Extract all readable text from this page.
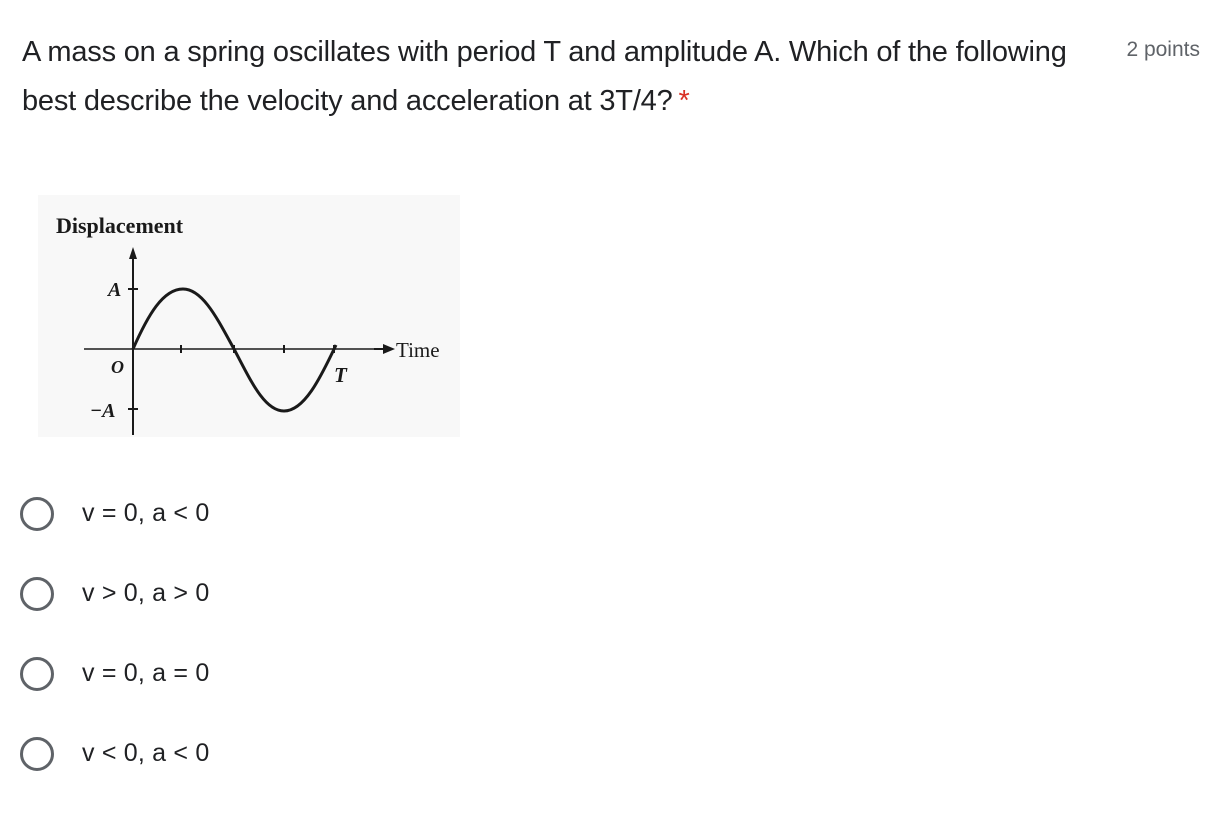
A mass on a spring oscillates with period T and amplitude A. Which of the following best describe the velocity and acceleration at 3T/4? *
2 points
Displacement
Time
A
−A
O	T
v = 0, a < 0
v > 0, a > 0
v = 0, a = 0
v < 0, a < 0
